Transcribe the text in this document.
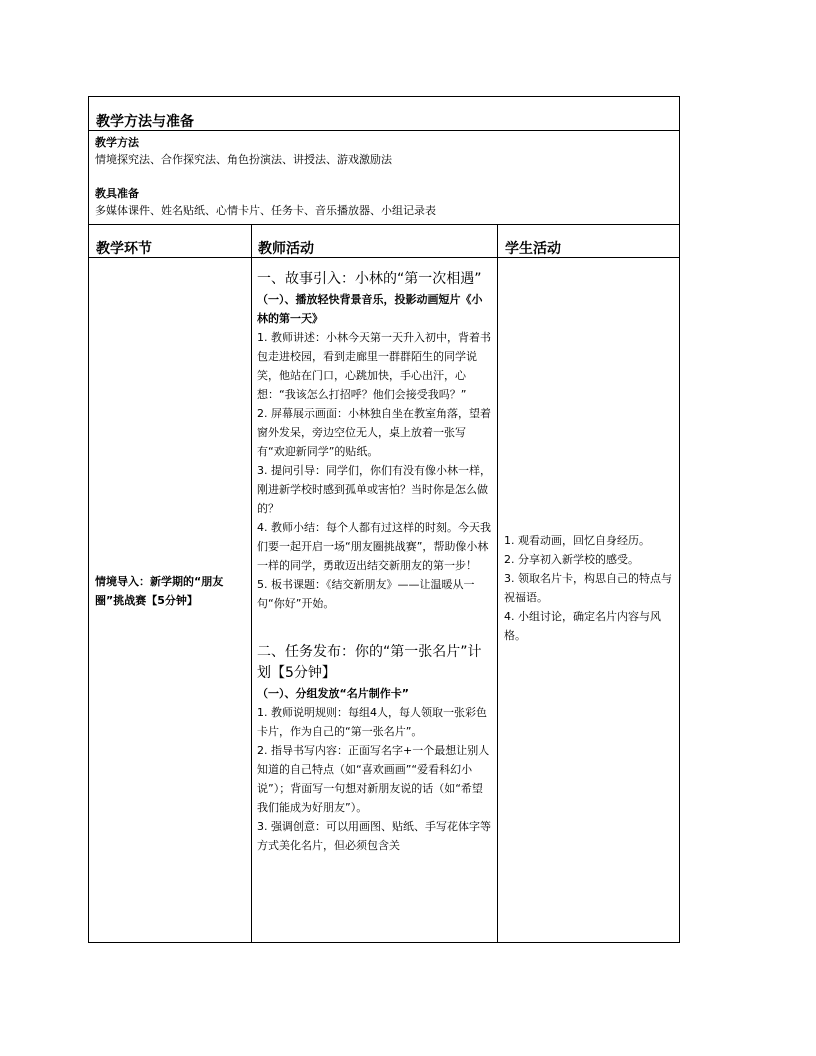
教学方法与准备
教学方法
情境探究法、合作探究法、角色扮演法、讲授法、游戏激励法
教具准备
多媒体课件、姓名贴纸、心情卡片、任务卡、音乐播放器、小组记录表
教学环节	教师活动	学生活动
情境导入：新学期的“朋友圈”挑战赛【5分钟】

一、故事引入：小林的“第一次相遇”

（一）、播放轻快背景音乐，投影动画短片《小林的第一天》

1. 教师讲述：小林今天第一天升入初中，背着书包走进校园，看到走廊里一群群陌生的同学说笑，他站在门口，心跳加快，手心出汗，心想：“我该怎么打招呼？他们会接受我吗？”

2. 屏幕展示画面：小林独自坐在教室角落，望着窗外发呆，旁边空位无人，桌上放着一张写有“欢迎新同学”的贴纸。

3. 提问引导：同学们，你们有没有像小林一样，刚进新学校时感到孤单或害怕？当时你是怎么做的？

4. 教师小结：每个人都有过这样的时刻。今天我们要一起开启一场“朋友圈挑战赛”，帮助像小林一样的同学，勇敢迈出结交新朋友的第一步！

5. 板书课题：《结交新朋友》——让温暖从一句“你好”开始。

二、任务发布：你的“第一张名片”计划【5分钟】

（一）、分组发放“名片制作卡”

1. 教师说明规则：每组4人，每人领取一张彩色卡片，作为自己的“第一张名片”。

2. 指导书写内容：正面写名字+一个最想让别人知道的自己特点（如“喜欢画画”“爱看科幻小说”）；背面写一句想对新朋友说的话（如“希望我们能成为好朋友”）。

3. 强调创意：可以用画图、贴纸、手写花体字等方式美化名片，但必须包含关

1. 观看动画，回忆自身经历。

2. 分享初入新学校的感受。

3. 领取名片卡，构思自己的特点与祝福语。

4. 小组讨论，确定名片内容与风格。
